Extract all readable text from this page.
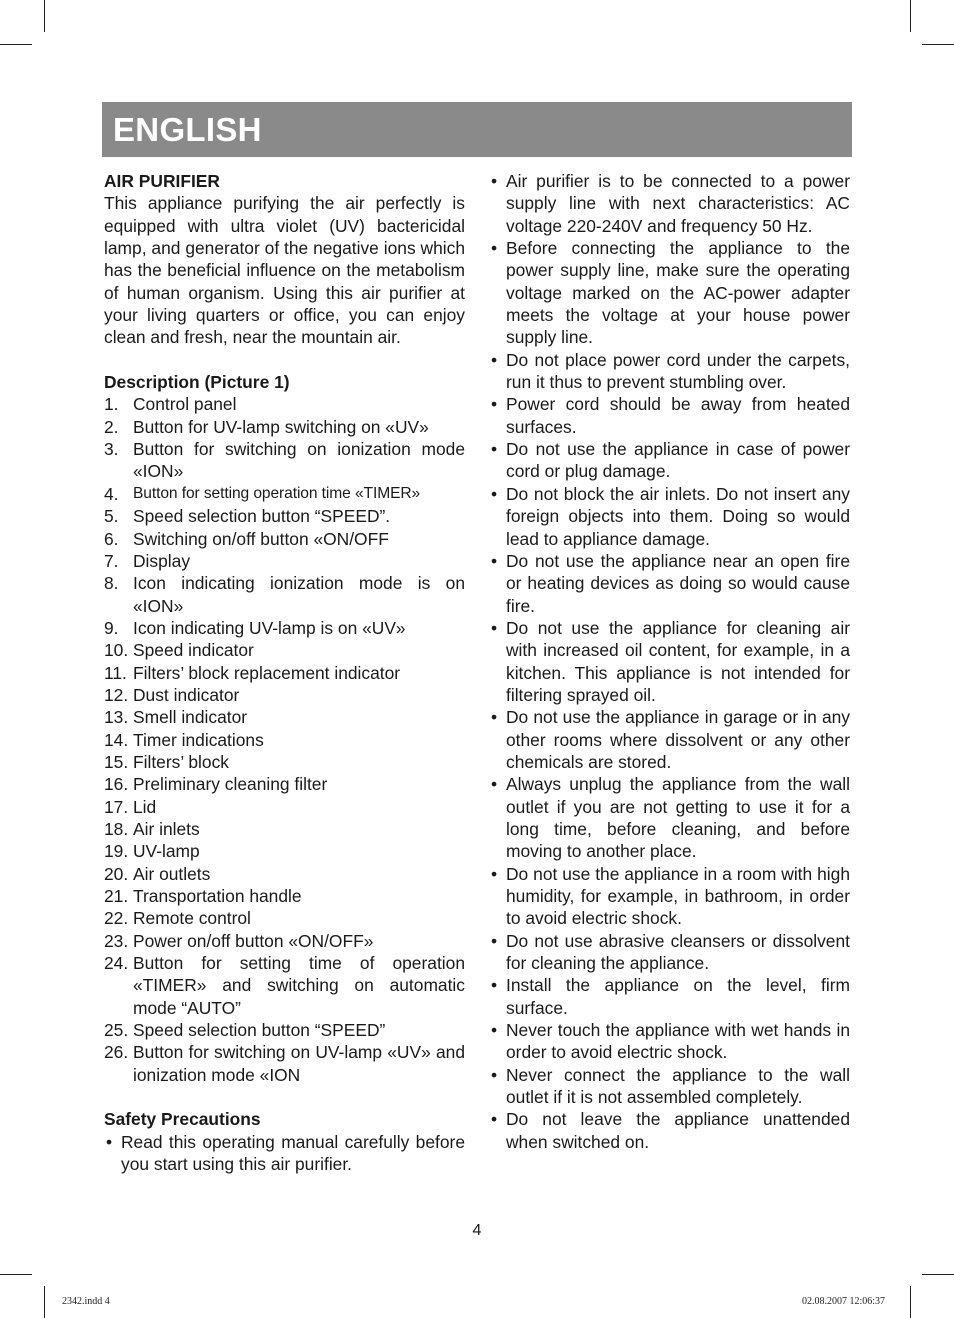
ENGLISH

AIR PURIFIER

This appliance purifying the air perfectly is equipped with ultra violet (UV) bactericidal lamp, and generator of the negative ions which has the beneficial influence on the metabolism of human organism. Using this air purifier at your living quarters or office, you can enjoy clean and fresh, near the mountain air.

Description (Picture 1)

1. Control panel
2. Button for UV-lamp switching on «UV»
3. Button for switching on ionization mode «ION»
4. Button for setting operation time «TIMER»
5. Speed selection button “SPEED”.
6. Switching on/off button «ON/OFF
7. Display
8. Icon indicating ionization mode is on «ION»
9. Icon indicating UV-lamp is on «UV»
10. Speed indicator
11. Filters’ block replacement indicator
12. Dust indicator
13. Smell indicator
14. Timer indications
15. Filters’ block
16. Preliminary cleaning filter
17. Lid
18. Air inlets
19. UV-lamp
20. Air outlets
21. Transportation handle
22. Remote control
23. Power on/off button «ON/OFF»
24. Button for setting time of operation «TIMER» and switching on automatic mode “AUTO”
25. Speed selection button “SPEED”
26. Button for switching on UV-lamp «UV» and ionization mode «ION

Safety Precautions

• Read this operating manual carefully before you start using this air purifier.
• Air purifier is to be connected to a power supply line with next characteristics: AC voltage 220-240V and frequency 50 Hz.
• Before connecting the appliance to the power supply line, make sure the operating voltage marked on the AC-power adapter meets the voltage at your house power supply line.
• Do not place power cord under the carpets, run it thus to prevent stumbling over.
• Power cord should be away from heated surfaces.
• Do not use the appliance in case of power cord or plug damage.
• Do not block the air inlets. Do not insert any foreign objects into them. Doing so would lead to appliance damage.
• Do not use the appliance near an open fire or heating devices as doing so would cause fire.
• Do not use the appliance for cleaning air with increased oil content, for example, in a kitchen. This appliance is not intended for filtering sprayed oil.
• Do not use the appliance in garage or in any other rooms where dissolvent or any other chemicals are stored.
• Always unplug the appliance from the wall outlet if you are not getting to use it for a long time, before cleaning, and before moving to another place.
• Do not use the appliance in a room with high humidity, for example, in bathroom, in order to avoid electric shock.
• Do not use abrasive cleansers or dissolvent for cleaning the appliance.
• Install the appliance on the level, firm surface.
• Never touch the appliance with wet hands in order to avoid electric shock.
• Never connect the appliance to the wall outlet if it is not assembled completely.
• Do not leave the appliance unattended when switched on.
4
2342.indd 4	02.08.2007 12:06:37
